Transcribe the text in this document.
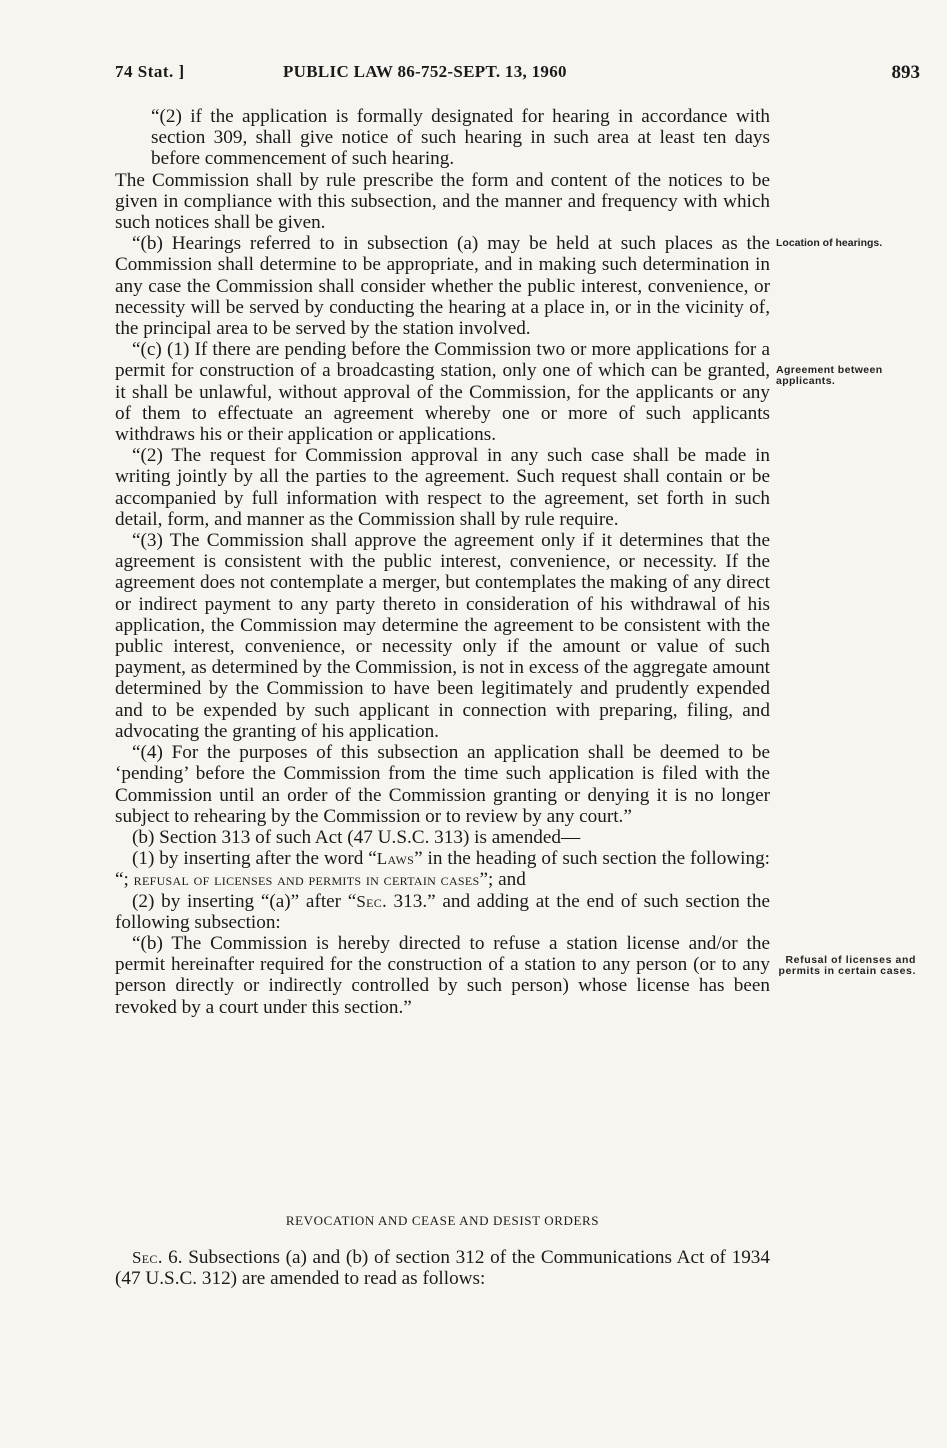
74 Stat. ]	PUBLIC LAW 86-752-SEPT. 13, 1960	893

“(2) if the application is formally designated for hearing in accordance with section 309, shall give notice of such hearing in such area at least ten days before commencement of such hearing.

The Commission shall by rule prescribe the form and content of the notices to be given in compliance with this subsection, and the manner and frequency with which such notices shall be given.

“(b) Hearings referred to in subsection (a) may be held at such places as the Commission shall determine to be appropriate, and in making such determination in any case the Commission shall consider whether the public interest, convenience, or necessity will be served by conducting the hearing at a place in, or in the vicinity of, the principal area to be served by the station involved.

“(c) (1) If there are pending before the Commission two or more applications for a permit for construction of a broadcasting station, only one of which can be granted, it shall be unlawful, without approval of the Commission, for the applicants or any of them to effectuate an agreement whereby one or more of such applicants withdraws his or their application or applications.

“(2) The request for Commission approval in any such case shall be made in writing jointly by all the parties to the agreement. Such request shall contain or be accompanied by full information with respect to the agreement, set forth in such detail, form, and manner as the Commission shall by rule require.

“(3) The Commission shall approve the agreement only if it determines that the agreement is consistent with the public interest, convenience, or necessity. If the agreement does not contemplate a merger, but contemplates the making of any direct or indirect payment to any party thereto in consideration of his withdrawal of his application, the Commission may determine the agreement to be consistent with the public interest, convenience, or necessity only if the amount or value of such payment, as determined by the Commission, is not in excess of the aggregate amount determined by the Commission to have been legitimately and prudently expended and to be expended by such applicant in connection with preparing, filing, and advocating the granting of his application.

“(4) For the purposes of this subsection an application shall be deemed to be ‘pending’ before the Commission from the time such application is filed with the Commission until an order of the Commission granting or denying it is no longer subject to rehearing by the Commission or to review by any court.”

(b) Section 313 of such Act (47 U.S.C. 313) is amended—

(1) by inserting after the word “Laws” in the heading of such section the following: “; refusal of licenses and permits in certain cases”; and

(2) by inserting “(a)” after “Sec. 313.” and adding at the end of such section the following subsection:

“(b) The Commission is hereby directed to refuse a station license and/or the permit hereinafter required for the construction of a station to any person (or to any person directly or indirectly controlled by such person) whose license has been revoked by a court under this section.”

REVOCATION AND CEASE AND DESIST ORDERS

Sec. 6. Subsections (a) and (b) of section 312 of the Communications Act of 1934 (47 U.S.C. 312) are amended to read as follows:

Location of hearings.
Agreement between applicants.
Refusal of licenses and permits in certain cases.
